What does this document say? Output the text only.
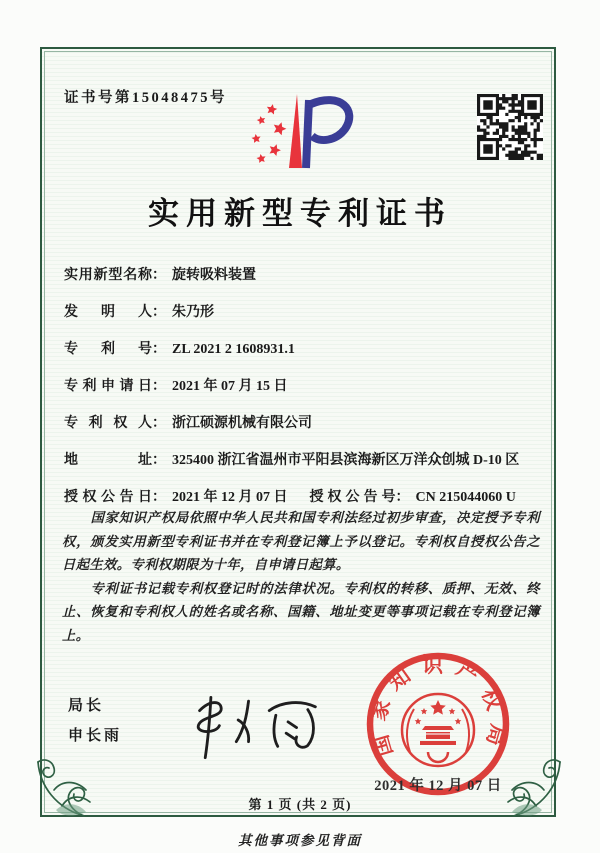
证书号第15048475号
实用新型专利证书
实用新型名称： 旋转吸料装置
发明人： 朱乃形
专利号： ZL 2021 2 1608931.1
专利申请日： 2021 年 07 月 15 日
专利权人： 浙江硕源机械有限公司
地址： 325400 浙江省温州市平阳县滨海新区万洋众创城 D-10 区
授权公告日： 2021 年 12 月 07 日 授权公告号： CN 215044060 U

国家知识产权局依照中华人民共和国专利法经过初步审查，决定授予专利权，颁发实用新型专利证书并在专利登记簿上予以登记。专利权自授权公告之日起生效。专利权期限为十年，自申请日起算。

专利证书记载专利权登记时的法律状况。专利权的转移、质押、无效、终止、恢复和专利权人的姓名或名称、国籍、地址变更等事项记载在专利登记簿上。

局长
申长雨	国家知识产权局
2021 年 12 月 07 日
第 1 页 (共 2 页)
其他事项参见背面
